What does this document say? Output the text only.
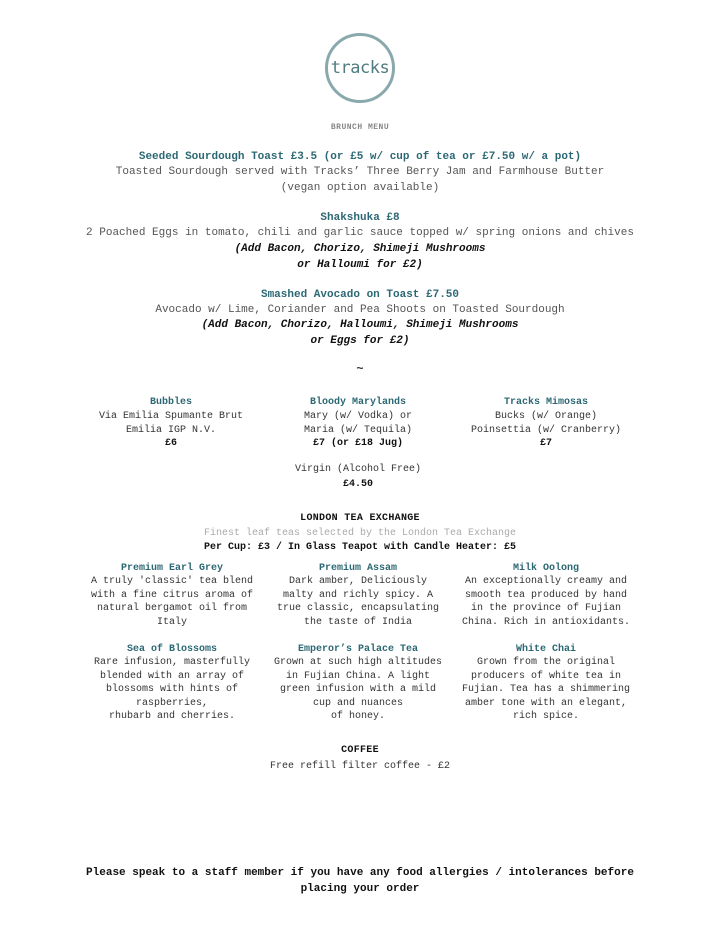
tracks
BRUNCH MENU
Seeded Sourdough Toast £3.5 (or £5 w/ cup of tea or £7.50 w/ a pot)
Toasted Sourdough served with Tracks’ Three Berry Jam and Farmhouse Butter
(vegan option available)
Shakshuka £8
2 Poached Eggs in tomato, chili and garlic sauce topped w/ spring onions and chives
(Add Bacon, Chorizo, Shimeji Mushrooms
or Halloumi for £2)
Smashed Avocado on Toast £7.50
Avocado w/ Lime, Coriander and Pea Shoots on Toasted Sourdough
(Add Bacon, Chorizo, Halloumi, Shimeji Mushrooms
or Eggs for £2)
~
Bubbles
Via Emilia Spumante Brut
Emilia IGP N.V.
£6
Bloody Marylands
Mary (w/ Vodka) or
Maria (w/ Tequila)
£7 (or £18 Jug)
Tracks Mimosas
Bucks (w/ Orange)
Poinsettia (w/ Cranberry)
£7
Virgin (Alcohol Free)
£4.50
LONDON TEA EXCHANGE
Finest leaf teas selected by the London Tea Exchange
Per Cup: £3 / In Glass Teapot with Candle Heater: £5
Premium Earl Grey
A truly 'classic' tea blend
with a fine citrus aroma of
natural bergamot oil from
Italy
Premium Assam
Dark amber, Deliciously
malty and richly spicy. A
true classic, encapsulating
the taste of India
Milk Oolong
An exceptionally creamy and
smooth tea produced by hand
in the province of Fujian
China. Rich in antioxidants.
Sea of Blossoms
Rare infusion, masterfully
blended with an array of
blossoms with hints of
raspberries,
rhubarb and cherries.
Emperor’s Palace Tea
Grown at such high altitudes
in Fujian China. A light
green infusion with a mild
cup and nuances
of honey.
White Chai
Grown from the original
producers of white tea in
Fujian. Tea has a shimmering
amber tone with an elegant,
rich spice.
COFFEE
Free refill filter coffee - £2
Please speak to a staff member if you have any food allergies / intolerances before
placing your order
